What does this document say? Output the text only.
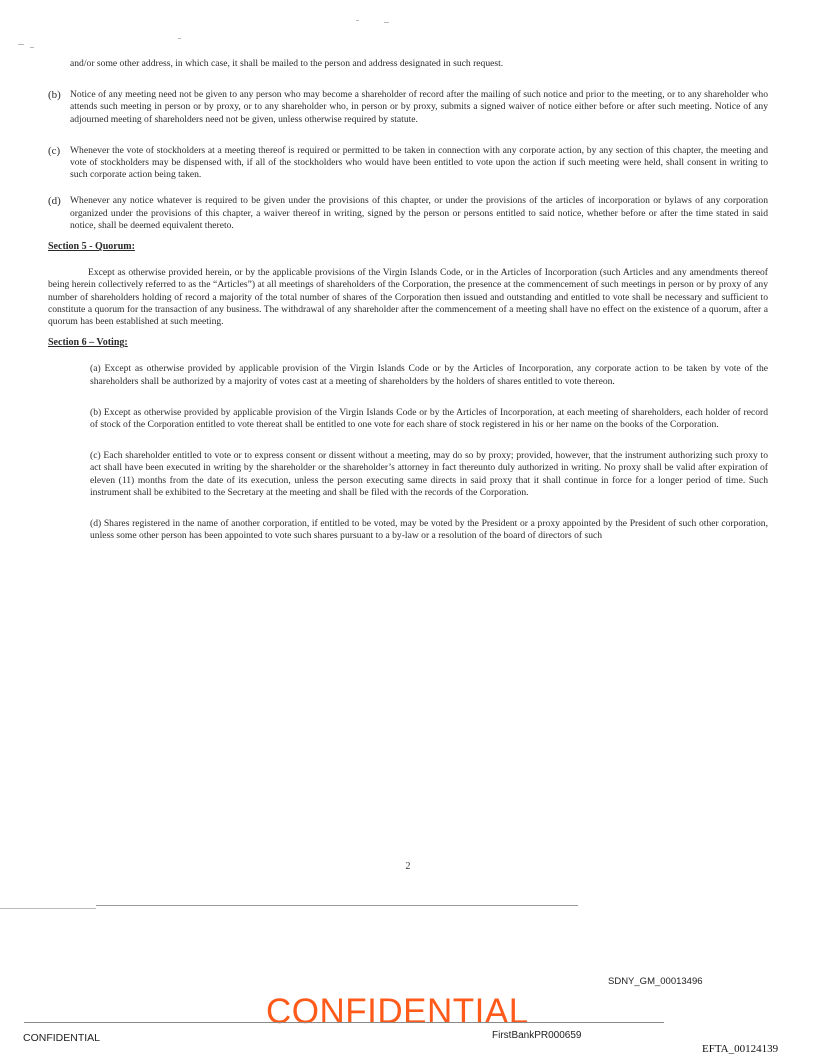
and/or some other address, in which case, it shall be mailed to the person and address designated in such request.

(b) Notice of any meeting need not be given to any person who may become a shareholder of record after the mailing of such notice and prior to the meeting, or to any shareholder who attends such meeting in person or by proxy, or to any shareholder who, in person or by proxy, submits a signed waiver of notice either before or after such meeting. Notice of any adjourned meeting of shareholders need not be given, unless otherwise required by statute.
(c) Whenever the vote of stockholders at a meeting thereof is required or permitted to be taken in connection with any corporate action, by any section of this chapter, the meeting and vote of stockholders may be dispensed with, if all of the stockholders who would have been entitled to vote upon the action if such meeting were held, shall consent in writing to such corporate action being taken.
(d) Whenever any notice whatever is required to be given under the provisions of this chapter, or under the provisions of the articles of incorporation or bylaws of any corporation organized under the provisions of this chapter, a waiver thereof in writing, signed by the person or persons entitled to said notice, whether before or after the time stated in said notice, shall be deemed equivalent thereto.

Section 5 - Quorum:

Except as otherwise provided herein, or by the applicable provisions of the Virgin Islands Code, or in the Articles of Incorporation (such Articles and any amendments thereof being herein collectively referred to as the “Articles”) at all meetings of shareholders of the Corporation, the presence at the commencement of such meetings in person or by proxy of any number of shareholders holding of record a majority of the total number of shares of the Corporation then issued and outstanding and entitled to vote shall be necessary and sufficient to constitute a quorum for the transaction of any business. The withdrawal of any shareholder after the commencement of a meeting shall have no effect on the existence of a quorum, after a quorum has been established at such meeting.

Section 6 – Voting:

(a) Except as otherwise provided by applicable provision of the Virgin Islands Code or by the Articles of Incorporation, any corporate action to be taken by vote of the shareholders shall be authorized by a majority of votes cast at a meeting of shareholders by the holders of shares entitled to vote thereon.

(b) Except as otherwise provided by applicable provision of the Virgin Islands Code or by the Articles of Incorporation, at each meeting of shareholders, each holder of record of stock of the Corporation entitled to vote thereat shall be entitled to one vote for each share of stock registered in his or her name on the books of the Corporation.

(c) Each shareholder entitled to vote or to express consent or dissent without a meeting, may do so by proxy; provided, however, that the instrument authorizing such proxy to act shall have been executed in writing by the shareholder or the shareholder’s attorney in fact thereunto duly authorized in writing. No proxy shall be valid after expiration of eleven (11) months from the date of its execution, unless the person executing same directs in said proxy that it shall continue in force for a longer period of time. Such instrument shall be exhibited to the Secretary at the meeting and shall be filed with the records of the Corporation.

(d) Shares registered in the name of another corporation, if entitled to be voted, may be voted by the President or a proxy appointed by the President of such other corporation, unless some other person has been appointed to vote such shares pursuant to a by-law or a resolution of the board of directors of such

2
SDNY_GM_00013496
CONFIDENTIAL
CONFIDENTIAL	FirstBankPR000659
EFTA_00124139
